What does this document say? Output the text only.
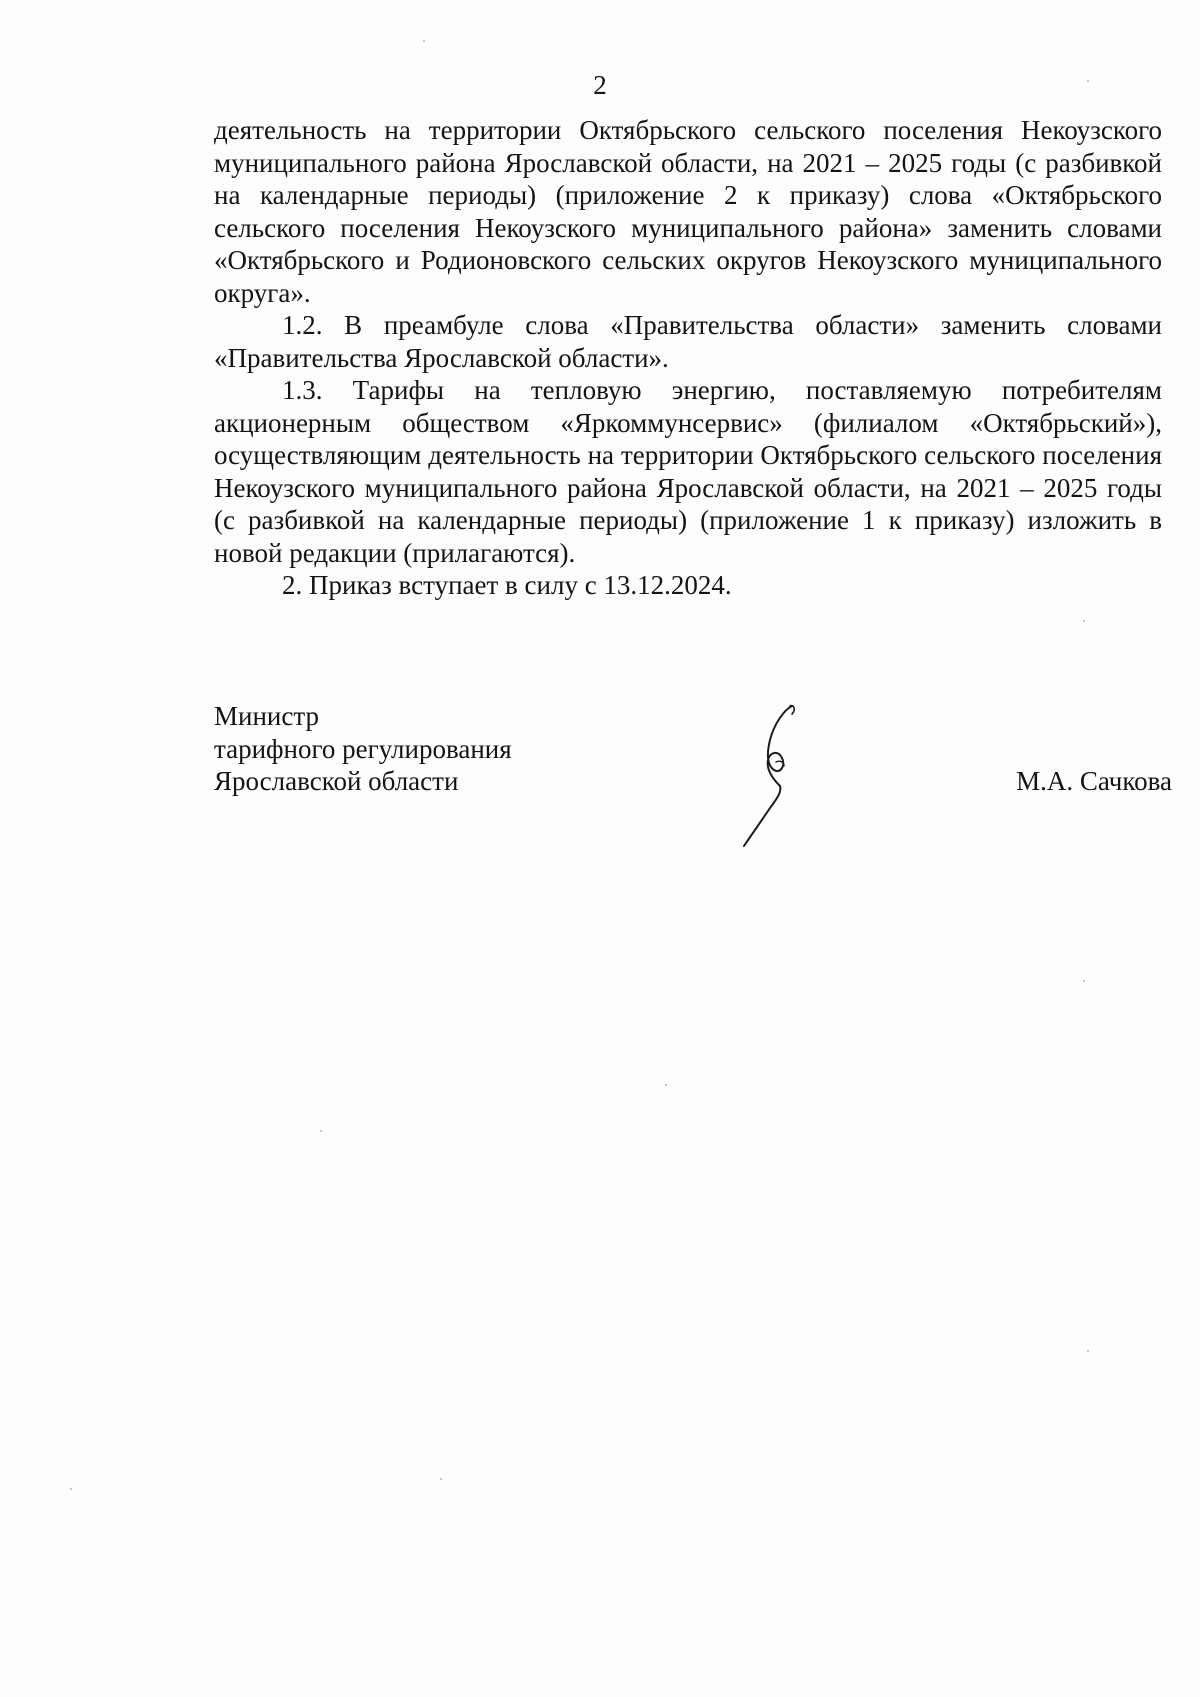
2

деятельность на территории Октябрьского сельского поселения Некоузского муниципального района Ярославской области, на 2021 – 2025 годы (с разбивкой на календарные периоды) (приложение 2 к приказу) слова «Октябрьского сельского поселения Некоузского муниципального района» заменить словами «Октябрьского и Родионовского сельских округов Некоузского муниципального округа».

1.2. В преамбуле слова «Правительства области» заменить словами «Правительства Ярославской области».

1.3. Тарифы на тепловую энергию, поставляемую потребителям акционерным обществом «Яркоммунсервис» (филиалом «Октябрьский»), осуществляющим деятельность на территории Октябрьского сельского поселения Некоузского муниципального района Ярославской области, на 2021 – 2025 годы (с разбивкой на календарные периоды) (приложение 1 к приказу) изложить в новой редакции (прилагаются).

2. Приказ вступает в силу с 13.12.2024.

Министр
тарифного регулирования
Ярославской области	М.А. Сачкова
